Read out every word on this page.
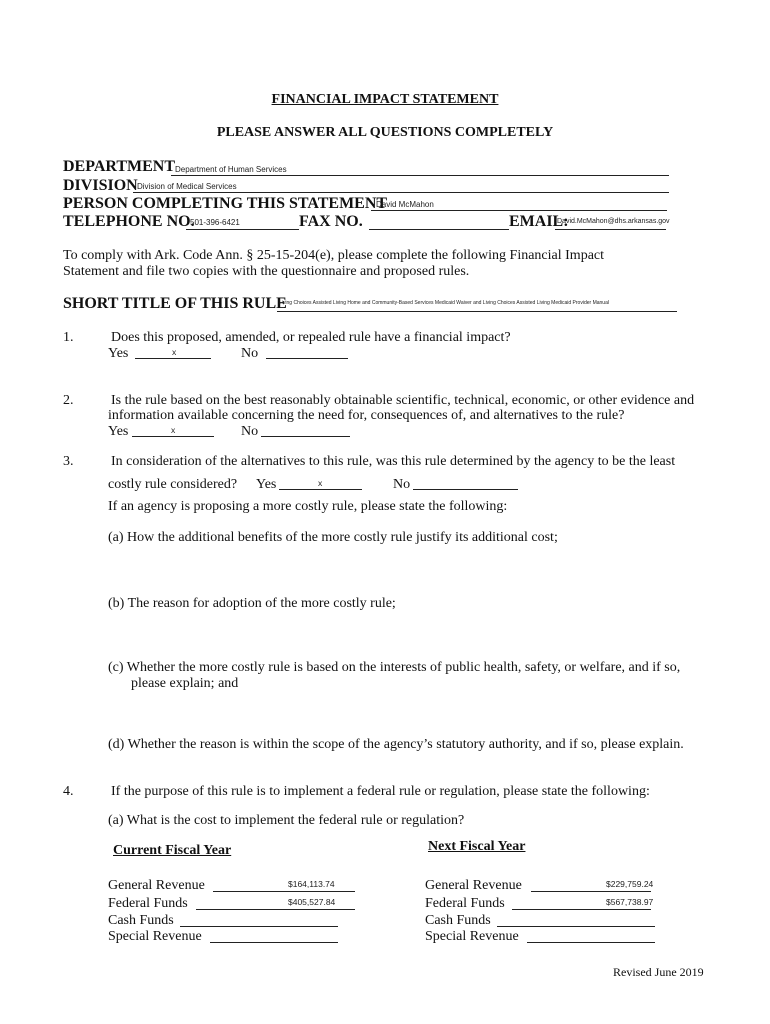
FINANCIAL IMPACT STATEMENT
PLEASE ANSWER ALL QUESTIONS COMPLETELY
DEPARTMENT Department of Human Services
DIVISION Division of Medical Services
PERSON COMPLETING THIS STATEMENT
David McMahon
TELEPHONE NO.
501-396-6421	FAX NO.	EMAIL:
David.McMahon@dhs.arkansas.gov
To comply with Ark. Code Ann. § 25-15-204(e), please complete the following Financial Impact
Statement and file two copies with the questionnaire and proposed rules.
SHORT TITLE OF THIS RULE
Living Choices Assisted Living Home and Community-Based Services Medicaid Waiver and Living Choices Assisted Living Medicaid Provider Manual
1.	Does this proposed, amended, or repealed rule have a financial impact?
Yes	x	No
2.	Is the rule based on the best reasonably obtainable scientific, technical, economic, or other evidence and
information available concerning the need for, consequences of, and alternatives to the rule?
Yes	x	No
3.	In consideration of the alternatives to this rule, was this rule determined by the agency to be the least
costly rule considered? Yes	x	No
If an agency is proposing a more costly rule, please state the following:
(a) How the additional benefits of the more costly rule justify its additional cost;
(b) The reason for adoption of the more costly rule;
(c) Whether the more costly rule is based on the interests of public health, safety, or welfare, and if so,
please explain; and
(d) Whether the reason is within the scope of the agency’s statutory authority, and if so, please explain.
4.	If the purpose of this rule is to implement a federal rule or regulation, please state the following:
(a) What is the cost to implement the federal rule or regulation?
Current Fiscal Year	Next Fiscal Year
General Revenue	$164,113.74
Federal Funds	$405,527.84
Cash Funds
Special Revenue
General Revenue	$229,759.24
Federal Funds	$567,738.97
Cash Funds
Special Revenue
Revised June 2019
